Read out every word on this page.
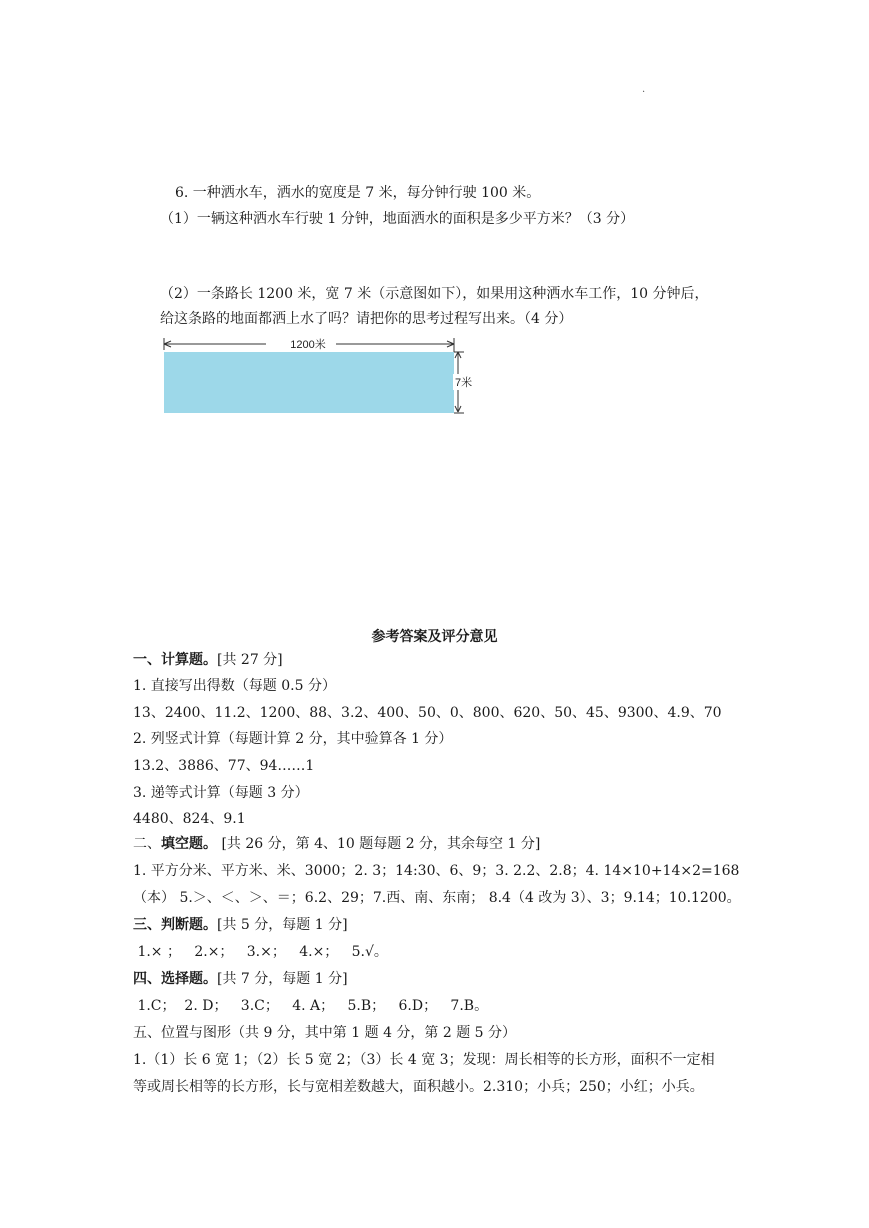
.
6. 一种洒水车，洒水的宽度是 7 米，每分钟行驶 100 米。
（1）一辆这种洒水车行驶 1 分钟，地面洒水的面积是多少平方米？（3 分）
（2）一条路长 1200 米，宽 7 米（示意图如下），如果用这种洒水车工作，10 分钟后，
给这条路的地面都洒上水了吗？请把你的思考过程写出来。（4 分）
1200米
7米
参考答案及评分意见
一、计算题。[共 27 分]
1. 直接写出得数（每题 0.5 分）
13、2400、11.2、1200、88、3.2、400、50、0、800、620、50、45、9300、4.9、70
2. 列竖式计算（每题计算 2 分，其中验算各 1 分）
13.2、3886、77、94……1
3. 递等式计算（每题 3 分）
4480、824、9.1
二、填空题。 [共 26 分，第 4、10 题每题 2 分，其余每空 1 分]
1. 平方分米、平方米、米、3000；2. 3；14:30、6、9；3. 2.2、2.8；4. 14×10+14×2=168
（本） 5.＞、＜、＞、＝；6.2、29；7.西、南、东南； 8.4（4 改为 3）、3；9.14；10.1200。
三、判断题。[共 5 分，每题 1 分]
1.× ；   2.×；   3.×；   4.×；   5.√。
四、选择题。[共 7 分，每题 1 分]
1.C；  2. D；   3.C；   4. A；   5.B；   6.D；   7.B。
五、位置与图形（共 9 分，其中第 1 题 4 分，第 2 题 5 分）
1.（1）长 6 宽 1；（2）长 5 宽 2；（3）长 4 宽 3；发现：周长相等的长方形，面积不一定相
等或周长相等的长方形，长与宽相差数越大，面积越小。2.310；小兵；250；小红；小兵。
